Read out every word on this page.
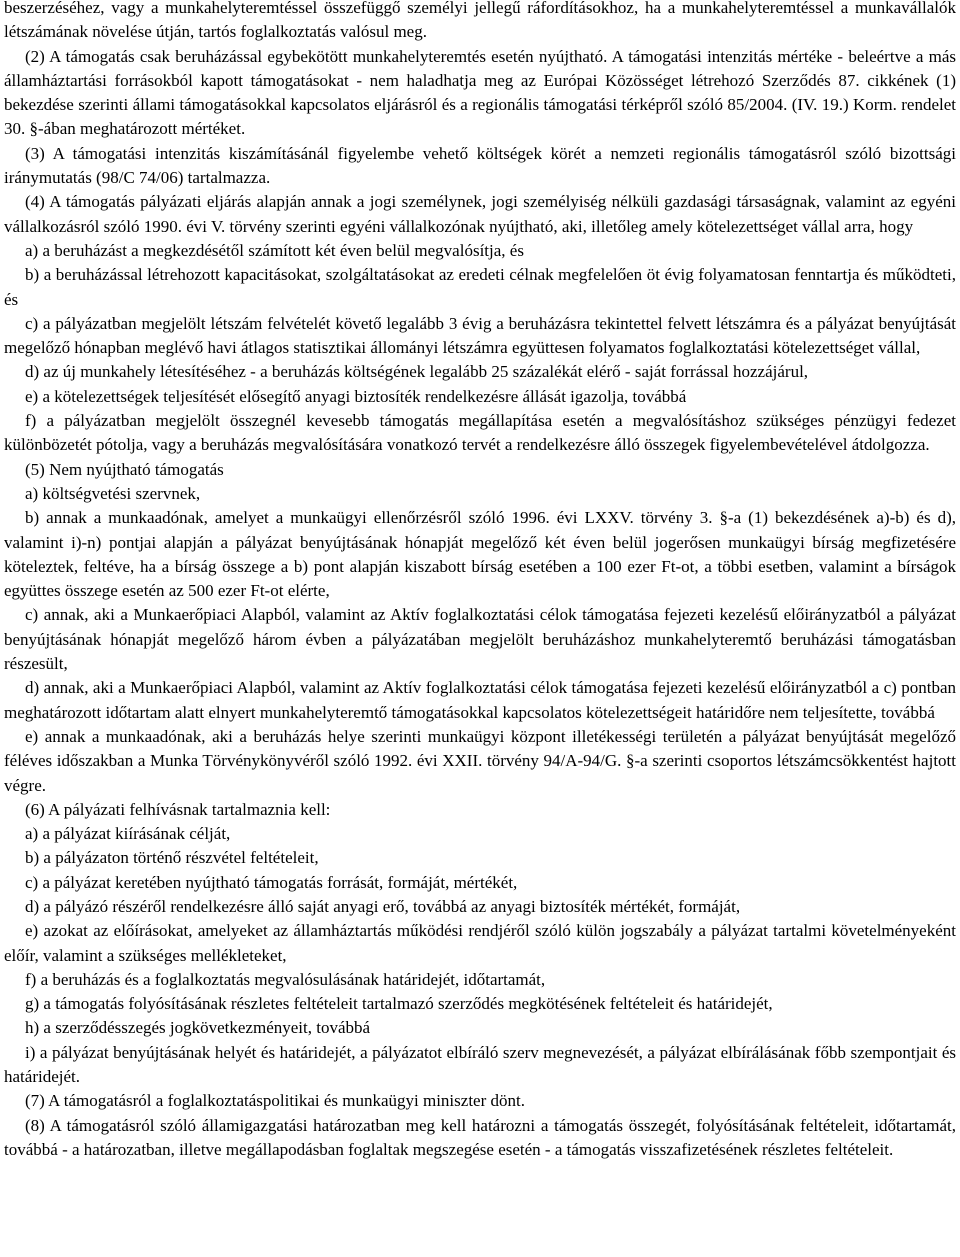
beszerzéséhez, vagy a munkahelyteremtéssel összefüggő személyi jellegű ráfordításokhoz, ha a munkahelyteremtéssel a munkavállalók létszámának növelése útján, tartós foglalkoztatás valósul meg.

(2) A támogatás csak beruházással egybekötött munkahelyteremtés esetén nyújtható. A támogatási intenzitás mértéke - beleértve a más államháztartási forrásokból kapott támogatásokat - nem haladhatja meg az Európai Közösséget létrehozó Szerződés 87. cikkének (1) bekezdése szerinti állami támogatásokkal kapcsolatos eljárásról és a regionális támogatási térképről szóló 85/2004. (IV. 19.) Korm. rendelet 30. §-ában meghatározott mértéket.

(3) A támogatási intenzitás kiszámításánál figyelembe vehető költségek körét a nemzeti regionális támogatásról szóló bizottsági iránymutatás (98/C 74/06) tartalmazza.

(4) A támogatás pályázati eljárás alapján annak a jogi személynek, jogi személyiség nélküli gazdasági társaságnak, valamint az egyéni vállalkozásról szóló 1990. évi V. törvény szerinti egyéni vállalkozónak nyújtható, aki, illetőleg amely kötelezettséget vállal arra, hogy

a) a beruházást a megkezdésétől számított két éven belül megvalósítja, és

b) a beruházással létrehozott kapacitásokat, szolgáltatásokat az eredeti célnak megfelelően öt évig folyamatosan fenntartja és működteti, és

c) a pályázatban megjelölt létszám felvételét követő legalább 3 évig a beruházásra tekintettel felvett létszámra és a pályázat benyújtását megelőző hónapban meglévő havi átlagos statisztikai állományi létszámra együttesen folyamatos foglalkoztatási kötelezettséget vállal,

d) az új munkahely létesítéséhez - a beruházás költségének legalább 25 százalékát elérő - saját forrással hozzájárul,

e) a kötelezettségek teljesítését elősegítő anyagi biztosíték rendelkezésre állását igazolja, továbbá

f) a pályázatban megjelölt összegnél kevesebb támogatás megállapítása esetén a megvalósításhoz szükséges pénzügyi fedezet különbözetét pótolja, vagy a beruházás megvalósítására vonatkozó tervét a rendelkezésre álló összegek figyelembevételével átdolgozza.

(5) Nem nyújtható támogatás

a) költségvetési szervnek,

b) annak a munkaadónak, amelyet a munkaügyi ellenőrzésről szóló 1996. évi LXXV. törvény 3. §-a (1) bekezdésének a)-b) és d), valamint i)-n) pontjai alapján a pályázat benyújtásának hónapját megelőző két éven belül jogerősen munkaügyi bírság megfizetésére köteleztek, feltéve, ha a bírság összege a b) pont alapján kiszabott bírság esetében a 100 ezer Ft-ot, a többi esetben, valamint a bírságok együttes összege esetén az 500 ezer Ft-ot elérte,

c) annak, aki a Munkaerőpiaci Alapból, valamint az Aktív foglalkoztatási célok támogatása fejezeti kezelésű előirányzatból a pályázat benyújtásának hónapját megelőző három évben a pályázatában megjelölt beruházáshoz munkahelyteremtő beruházási támogatásban részesült,

d) annak, aki a Munkaerőpiaci Alapból, valamint az Aktív foglalkoztatási célok támogatása fejezeti kezelésű előirányzatból a c) pontban meghatározott időtartam alatt elnyert munkahelyteremtő támogatásokkal kapcsolatos kötelezettségeit határidőre nem teljesítette, továbbá

e) annak a munkaadónak, aki a beruházás helye szerinti munkaügyi központ illetékességi területén a pályázat benyújtását megelőző féléves időszakban a Munka Törvénykönyvéről szóló 1992. évi XXII. törvény 94/A-94/G. §-a szerinti csoportos létszámcsökkentést hajtott végre.

(6) A pályázati felhívásnak tartalmaznia kell:

a) a pályázat kiírásának célját,

b) a pályázaton történő részvétel feltételeit,

c) a pályázat keretében nyújtható támogatás forrását, formáját, mértékét,

d) a pályázó részéről rendelkezésre álló saját anyagi erő, továbbá az anyagi biztosíték mértékét, formáját,

e) azokat az előírásokat, amelyeket az államháztartás működési rendjéről szóló külön jogszabály a pályázat tartalmi követelményeként előír, valamint a szükséges mellékleteket,

f) a beruházás és a foglalkoztatás megvalósulásának határidejét, időtartamát,

g) a támogatás folyósításának részletes feltételeit tartalmazó szerződés megkötésének feltételeit és határidejét,

h) a szerződésszegés jogkövetkezményeit, továbbá

i) a pályázat benyújtásának helyét és határidejét, a pályázatot elbíráló szerv megnevezését, a pályázat elbírálásának főbb szempontjait és határidejét.

(7) A támogatásról a foglalkoztatáspolitikai és munkaügyi miniszter dönt.

(8) A támogatásról szóló államigazgatási határozatban meg kell határozni a támogatás összegét, folyósításának feltételeit, időtartamát, továbbá - a határozatban, illetve megállapodásban foglaltak megszegése esetén - a támogatás visszafizetésének részletes feltételeit.
